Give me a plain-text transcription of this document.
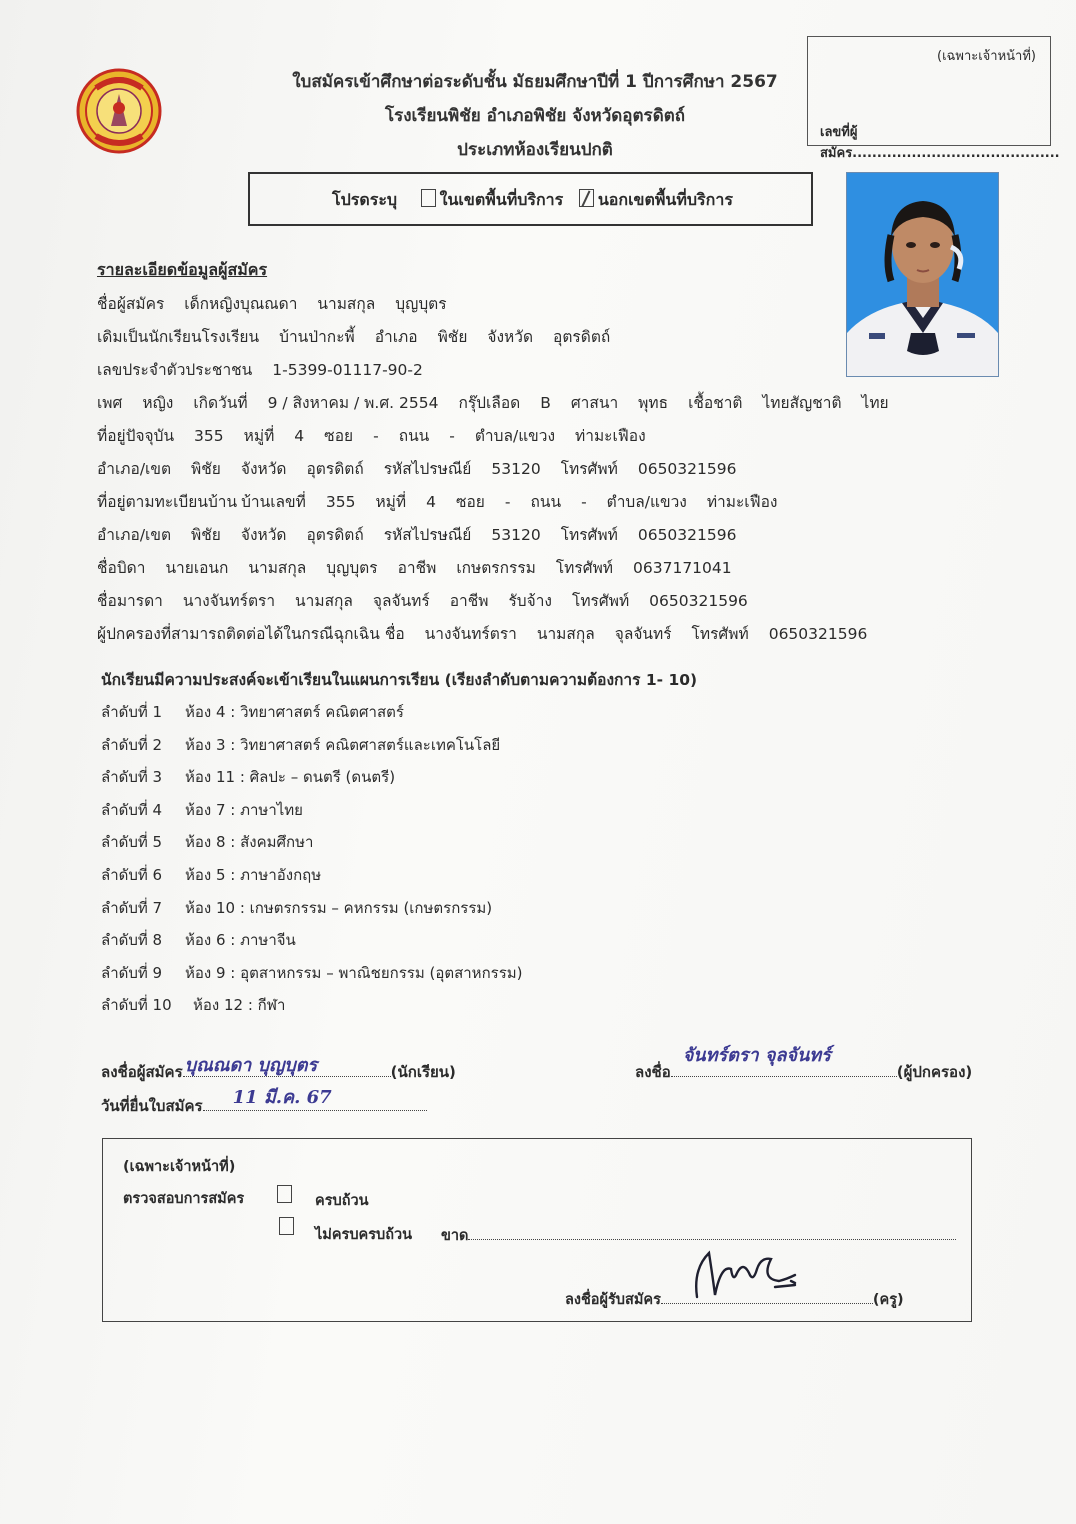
ใบสมัครเข้าศึกษาต่อระดับชั้น มัธยมศึกษาปีที่ 1 ปีการศึกษา 2567
โรงเรียนพิชัย อำเภอพิชัย จังหวัดอุตรดิตถ์
ประเภทห้องเรียนปกติ
(เฉพาะเจ้าหน้าที่)
เลขที่ผู้สมัคร..........................................
โปรดระบุ	ในเขตพื้นที่บริการ นอกเขตพื้นที่บริการ
รายละเอียดข้อมูลผู้สมัคร
ชื่อผู้สมัคร เด็กหญิงบุณณดา นามสกุล บุญบุตร
เดิมเป็นนักเรียนโรงเรียน บ้านป่ากะพี้ อำเภอ พิชัย จังหวัด อุตรดิตถ์
เลขประจำตัวประชาชน 1-5399-01117-90-2
เพศ หญิง เกิดวันที่ 9 / สิงหาคม / พ.ศ. 2554 กรุ๊ปเลือด B ศาสนา พุทธ เชื้อชาติ ไทยสัญชาติ ไทย
ที่อยู่ปัจจุบัน 355 หมู่ที่ 4 ซอย - ถนน - ตำบล/แขวง ท่ามะเฟือง
อำเภอ/เขต พิชัย จังหวัด อุตรดิตถ์ รหัสไปรษณีย์ 53120 โทรศัพท์ 0650321596
ที่อยู่ตามทะเบียนบ้าน บ้านเลขที่ 355 หมู่ที่ 4 ซอย - ถนน - ตำบล/แขวง ท่ามะเฟือง
อำเภอ/เขต พิชัย จังหวัด อุตรดิตถ์ รหัสไปรษณีย์ 53120 โทรศัพท์ 0650321596
ชื่อบิดา นายเอนก นามสกุล บุญบุตร อาชีพ เกษตรกรรม โทรศัพท์ 0637171041
ชื่อมารดา นางจันทร์ตรา นามสกุล จุลจันทร์ อาชีพ รับจ้าง โทรศัพท์ 0650321596
ผู้ปกครองที่สามารถติดต่อได้ในกรณีฉุกเฉิน ชื่อ นางจันทร์ตรา นามสกุล จุลจันทร์ โทรศัพท์ 0650321596
นักเรียนมีความประสงค์จะเข้าเรียนในแผนการเรียน (เรียงลำดับตามความต้องการ 1- 10)
ลำดับที่ 1 ห้อง 4 : วิทยาศาสตร์ คณิตศาสตร์
ลำดับที่ 2 ห้อง 3 : วิทยาศาสตร์ คณิตศาสตร์และเทคโนโลยี
ลำดับที่ 3 ห้อง 11 : ศิลปะ – ดนตรี (ดนตรี)
ลำดับที่ 4 ห้อง 7 : ภาษาไทย
ลำดับที่ 5 ห้อง 8 : สังคมศึกษา
ลำดับที่ 6 ห้อง 5 : ภาษาอังกฤษ
ลำดับที่ 7 ห้อง 10 : เกษตรกรรม – คหกรรม (เกษตรกรรม)
ลำดับที่ 8 ห้อง 6 : ภาษาจีน
ลำดับที่ 9 ห้อง 9 : อุตสาหกรรม – พาณิชยกรรม (อุตสาหกรรม)
ลำดับที่ 10 ห้อง 12 : กีฬา
ลงชื่อผู้สมัคร บุณณดา บุญบุตร	(นักเรียน)
วันที่ยื่นใบสมัคร 11 มี.ค. 67
ลงชื่อ
จันทร์ตรา จุลจันทร์
(ผู้ปกครอง)
(เฉพาะเจ้าหน้าที่)
ตรวจสอบการสมัคร	ครบถ้วน
ไม่ครบครบถ้วน ขาด
ลงชื่อผู้รับสมัคร	(ครู)
